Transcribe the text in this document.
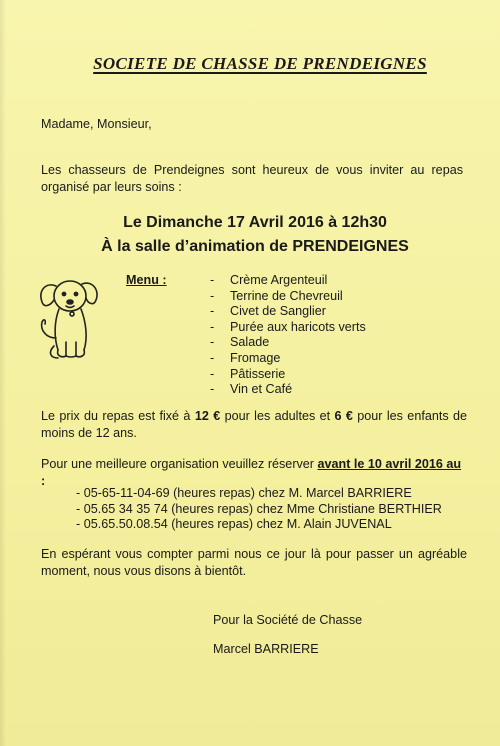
SOCIETE DE CHASSE DE PRENDEIGNES
Madame, Monsieur,
Les chasseurs de Prendeignes sont heureux de vous inviter au repas organisé par leurs soins :
Le Dimanche 17 Avril 2016 à 12h30
À la salle d’animation de PRENDEIGNES
Menu :	-	Crème Argenteuil
-	Terrine de Chevreuil
-	Civet de Sanglier
-	Purée aux haricots verts
-	Salade
-	Fromage
-	Pâtisserie
-	Vin et Café
Le prix du repas est fixé à 12 € pour les adultes et 6 € pour les enfants de moins de 12 ans.
Pour une meilleure organisation veuillez réserver avant le 10 avril 2016 au :
- 05-65-11-04-69 (heures repas) chez M. Marcel BARRIERE
- 05.65 34 35 74 (heures repas) chez Mme Christiane BERTHIER
- 05.65.50.08.54 (heures repas) chez M. Alain JUVENAL
En espérant vous compter parmi nous ce jour là pour passer un agréable moment, nous vous disons à bientôt.
Pour la Société de Chasse
Marcel BARRIERE
